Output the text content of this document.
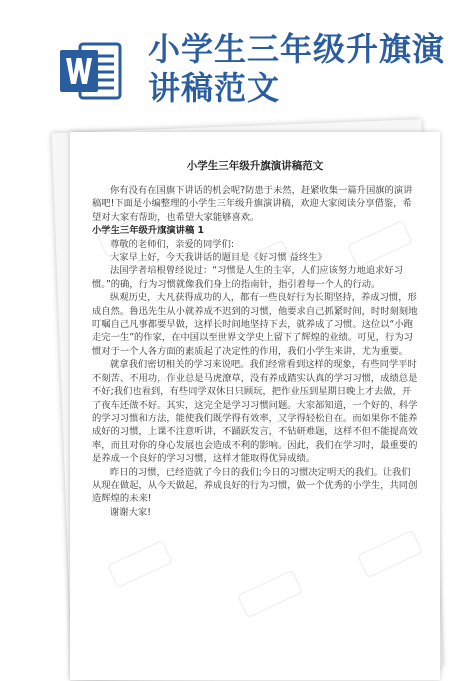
小学生三年级升旗演讲稿范文
小学生三年级升旗演讲稿范文

你有没有在国旗下讲话的机会呢?防患于未然，赶紧收集一篇升国旗的演讲稿吧!下面是小编整理的小学生三年级升旗演讲稿，欢迎大家阅读分享借鉴，希望对大家有帮助，也希望大家能够喜欢。

小学生三年级升旗演讲稿 1

尊敬的老师们，亲爱的同学们:

大家早上好，今天我讲话的题目是《好习惯 益终生》

法国学者培根曾经说过：“习惯是人生的主宰，人们应该努力地追求好习惯。”的确，行为习惯就像我们身上的指南针，指引着每一个人的行动。

纵观历史，大凡获得成功的人，都有一些良好行为长期坚持，养成习惯，形成自然。鲁迅先生从小就养成不迟到的习惯，他要求自己抓紧时间，时时刻刻地叮嘱自己凡事都要早做，这样长时间地坚持下去，就养成了习惯。这位以“小跑走完一生”的作家，在中国以至世界文学史上留下了辉煌的业绩。可见，行为习惯对于一个人各方面的素质起了决定性的作用，我们小学生来讲，尤为重要。

就拿我们密切相关的学习来说吧。我们经常看到这样的现象，有些同学平时不刻苦、不用功，作业总是马虎潦草，没有养成踏实认真的学习习惯，成绩总是不好;我们也看到，有些同学双休日只顾玩，把作业压到星期日晚上才去做，开了夜车还做不好。其实，这完全是学习习惯问题。大家都知道，一个好的、科学的学习习惯和方法，能使我们既学得有效率，又学得轻松自在。而如果你不能养成好的习惯，上课不注意听讲，不踊跃发言，不钻研难题，这样不但不能提高效率，而且对你的身心发展也会造成不利的影响。因此，我们在学习时，最重要的是养成一个良好的学习习惯，这样才能取得优异成绩。

昨日的习惯，已经造就了今日的我们;今日的习惯决定明天的我们。让我们从现在做起，从今天做起，养成良好的行为习惯，做一个优秀的小学生，共同创造辉煌的未来!

谢谢大家!
